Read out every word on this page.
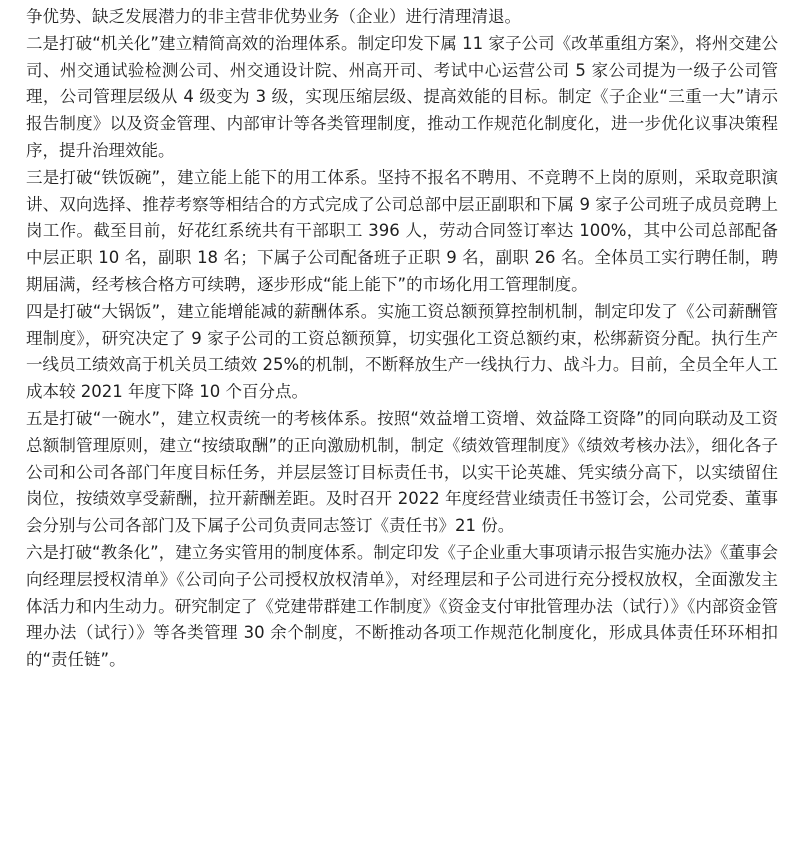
争优势、缺乏发展潜力的非主营非优势业务（企业）进行清理清退。

二是打破“机关化”建立精简高效的治理体系。制定印发下属 11 家子公司《改革重组方案》，将州交建公司、州交通试验检测公司、州交通设计院、州高开司、考试中心运营公司 5 家公司提为一级子公司管理，公司管理层级从 4 级变为 3 级，实现压缩层级、提高效能的目标。制定《子企业“三重一大”请示报告制度》以及资金管理、内部审计等各类管理制度，推动工作规范化制度化，进一步优化议事决策程序，提升治理效能。

三是打破“铁饭碗”，建立能上能下的用工体系。坚持不报名不聘用、不竞聘不上岗的原则，采取竞职演讲、双向选择、推荐考察等相结合的方式完成了公司总部中层正副职和下属 9 家子公司班子成员竞聘上岗工作。截至目前，好花红系统共有干部职工 396 人，劳动合同签订率达 100%，其中公司总部配备中层正职 10 名，副职 18 名；下属子公司配备班子正职 9 名，副职 26 名。全体员工实行聘任制，聘期届满，经考核合格方可续聘，逐步形成“能上能下”的市场化用工管理制度。

四是打破“大锅饭”，建立能增能减的薪酬体系。实施工资总额预算控制机制，制定印发了《公司薪酬管理制度》，研究决定了 9 家子公司的工资总额预算，切实强化工资总额约束，松绑薪资分配。执行生产一线员工绩效高于机关员工绩效 25%的机制，不断释放生产一线执行力、战斗力。目前，全员全年人工成本较 2021 年度下降 10 个百分点。

五是打破“一碗水”，建立权责统一的考核体系。按照“效益增工资增、效益降工资降”的同向联动及工资总额制管理原则，建立“按绩取酬”的正向激励机制，制定《绩效管理制度》《绩效考核办法》，细化各子公司和公司各部门年度目标任务，并层层签订目标责任书，以实干论英雄、凭实绩分高下，以实绩留住岗位，按绩效享受薪酬，拉开薪酬差距。及时召开 2022 年度经营业绩责任书签订会，公司党委、董事会分别与公司各部门及下属子公司负责同志签订《责任书》21 份。

六是打破“教条化”，建立务实管用的制度体系。制定印发《子企业重大事项请示报告实施办法》《董事会向经理层授权清单》《公司向子公司授权放权清单》，对经理层和子公司进行充分授权放权，全面激发主体活力和内生动力。研究制定了《党建带群建工作制度》《资金支付审批管理办法（试行）》《内部资金管理办法（试行）》等各类管理 30 余个制度，不断推动各项工作规范化制度化，形成具体责任环环相扣的“责任链”。
